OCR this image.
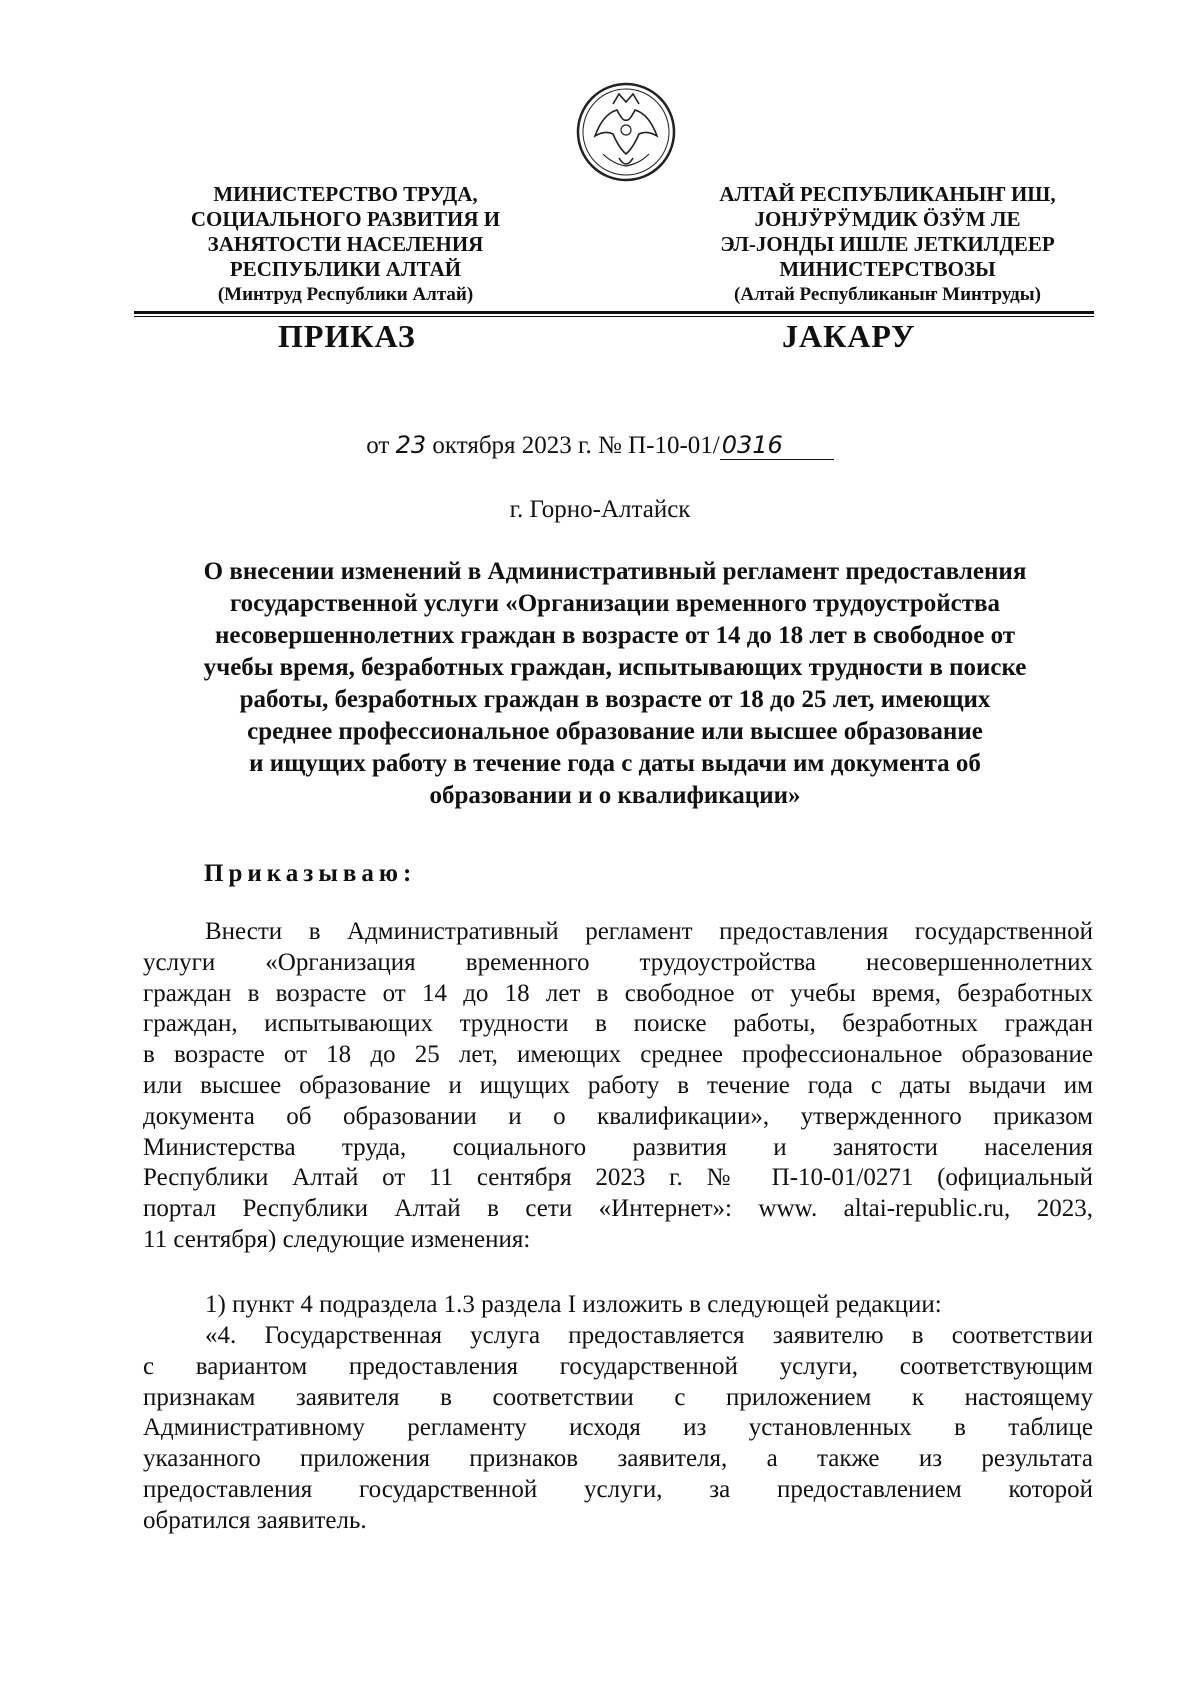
МИНИСТЕРСТВО ТРУДА,
СОЦИАЛЬНОГО РАЗВИТИЯ И
ЗАНЯТОСТИ НАСЕЛЕНИЯ
РЕСПУБЛИКИ АЛТАЙ
(Минтруд Республики Алтай)
АЛТАЙ РЕСПУБЛИКАНЫҤ ИШ,
ЈОНЈӰРӰМДИК ÖЗӰМ ЛЕ
ЭЛ-ЈОНДЫ ИШЛЕ ЈЕТКИЛДЕЕР
МИНИСТЕРСТВОЗЫ
(Алтай Республиканыҥ Минтруды)
ПРИКАЗ	ЈАКАРУ
от 23 октября 2023 г. № П-10-01/0316
г. Горно-Алтайск
О внесении изменений в Административный регламент предоставления
государственной услуги «Организации временного трудоустройства
несовершеннолетних граждан в возрасте от 14 до 18 лет в свободное от
учебы время, безработных граждан, испытывающих трудности в поиске
работы, безработных граждан в возрасте от 18 до 25 лет, имеющих
среднее профессиональное образование или высшее образование
и ищущих работу в течение года с даты выдачи им документа об
образовании и о квалификации»
Приказываю:
Внести в Административный регламент предоставления государственной
услуги «Организация временного трудоустройства несовершеннолетних
граждан в возрасте от 14 до 18 лет в свободное от учебы время, безработных
граждан, испытывающих трудности в поиске работы, безработных граждан
в возрасте от 18 до 25 лет, имеющих среднее профессиональное образование
или высшее образование и ищущих работу в течение года с даты выдачи им
документа об образовании и о квалификации», утвержденного приказом
Министерства труда, социального развития и занятости населения
Республики Алтай от 11 сентября 2023 г. № П-10-01/0271 (официальный
портал Республики Алтай в сети «Интернет»: www. altai-republic.ru, 2023,
11 сентября) следующие изменения:
1) пункт 4 подраздела 1.3 раздела I изложить в следующей редакции:
«4. Государственная услуга предоставляется заявителю в соответствии
с вариантом предоставления государственной услуги, соответствующим
признакам заявителя в соответствии с приложением к настоящему
Административному регламенту исходя из установленных в таблице
указанного приложения признаков заявителя, а также из результата
предоставления государственной услуги, за предоставлением которой
обратился заявитель.
